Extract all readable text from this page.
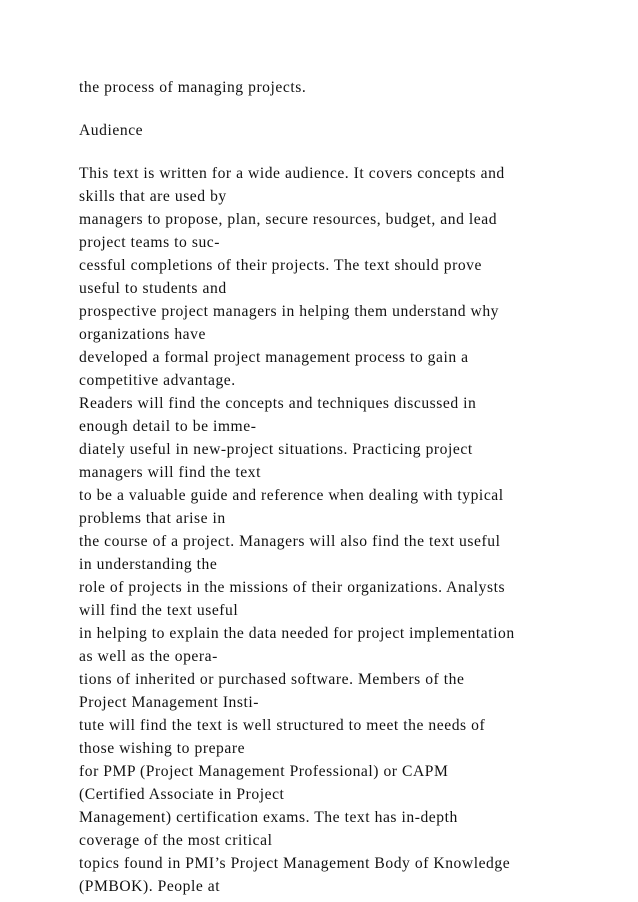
the process of managing projects.
Audience
This text is written for a wide audience. It covers concepts and
skills that are used by
managers to propose, plan, secure resources, budget, and lead
project teams to suc-
cessful completions of their projects. The text should prove
useful to students and
prospective project managers in helping them understand why
organizations have
developed a formal project management process to gain a
competitive advantage.
Readers will find the concepts and techniques discussed in
enough detail to be imme-
diately useful in new-project situations. Practicing project
managers will find the text
to be a valuable guide and reference when dealing with typical
problems that arise in
the course of a project. Managers will also find the text useful
in understanding the
role of projects in the missions of their organizations. Analysts
will find the text useful
in helping to explain the data needed for project implementation
as well as the opera-
tions of inherited or purchased software. Members of the
Project Management Insti-
tute will find the text is well structured to meet the needs of
those wishing to prepare
for PMP (Project Management Professional) or CAPM
(Certified Associate in Project
Management) certification exams. The text has in-depth
coverage of the most critical
topics found in PMI’s Project Management Body of Knowledge
(PMBOK). People at
